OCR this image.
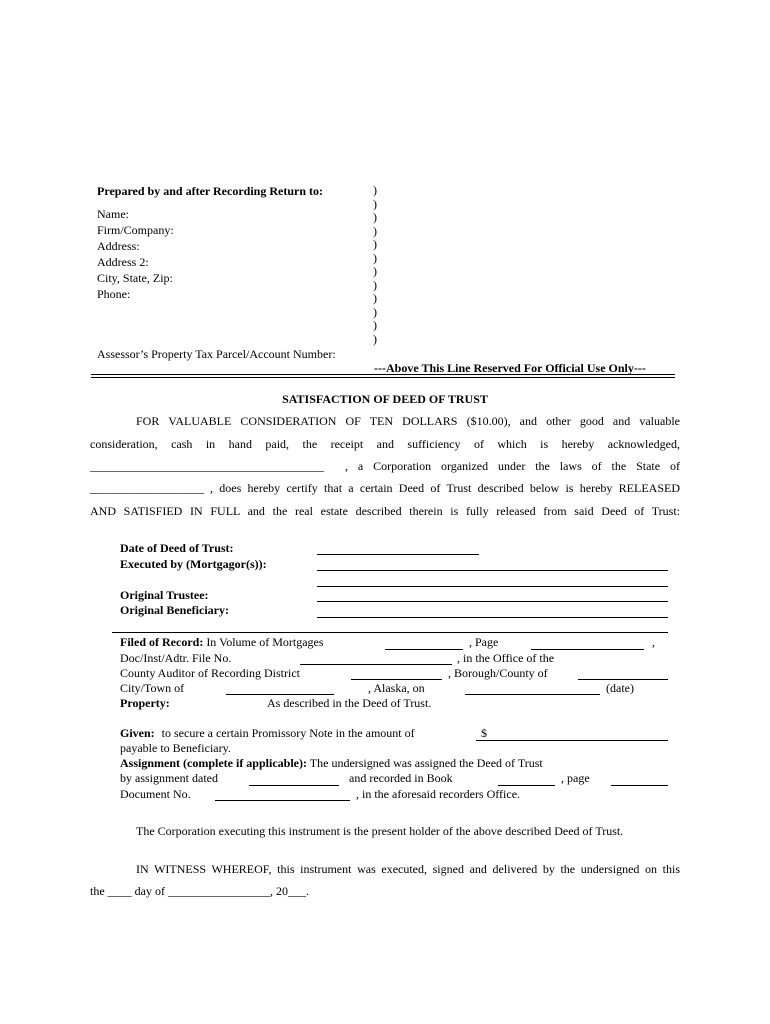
Prepared by and after Recording Return to:
Name:
Firm/Company:
Address:
Address 2:
City, State, Zip:
Phone:
Assessor’s Property Tax Parcel/Account Number:
)
)
)
)
)
)
)
)
)
)
)
)
---Above This Line Reserved For Official Use Only---
SATISFACTION OF DEED OF TRUST
FOR VALUABLE CONSIDERATION OF TEN DOLLARS ($10.00), and other good and valuable
consideration, cash in hand paid, the receipt and sufficiency of which is hereby acknowledged,
_______________________________________ , a Corporation organized under the laws of the State of
___________________ , does hereby certify that a certain Deed of Trust described below is hereby RELEASED
AND SATISFIED IN FULL and the real estate described therein is fully released from said Deed of Trust:
Date of Deed of Trust:
Executed by (Mortgagor(s)):
Original Trustee:
Original Beneficiary:
Filed of Record: In Volume of Mortgages	, Page	,
Doc/Inst/Adtr. File No.	, in the Office of the
County Auditor of Recording District	, Borough/County of
City/Town of	, Alaska, on	(date)
Property:	As described in the Deed of Trust.
Given: to secure a certain Promissory Note in the amount of	$
payable to Beneficiary.
Assignment (complete if applicable): The undersigned was assigned the Deed of Trust
by assignment dated	and recorded in Book	, page
Document No.	, in the aforesaid recorders Office.
The Corporation executing this instrument is the present holder of the above described Deed of Trust.
IN WITNESS WHEREOF, this instrument was executed, signed and delivered by the undersigned on this
the ____ day of _________________, 20___.
